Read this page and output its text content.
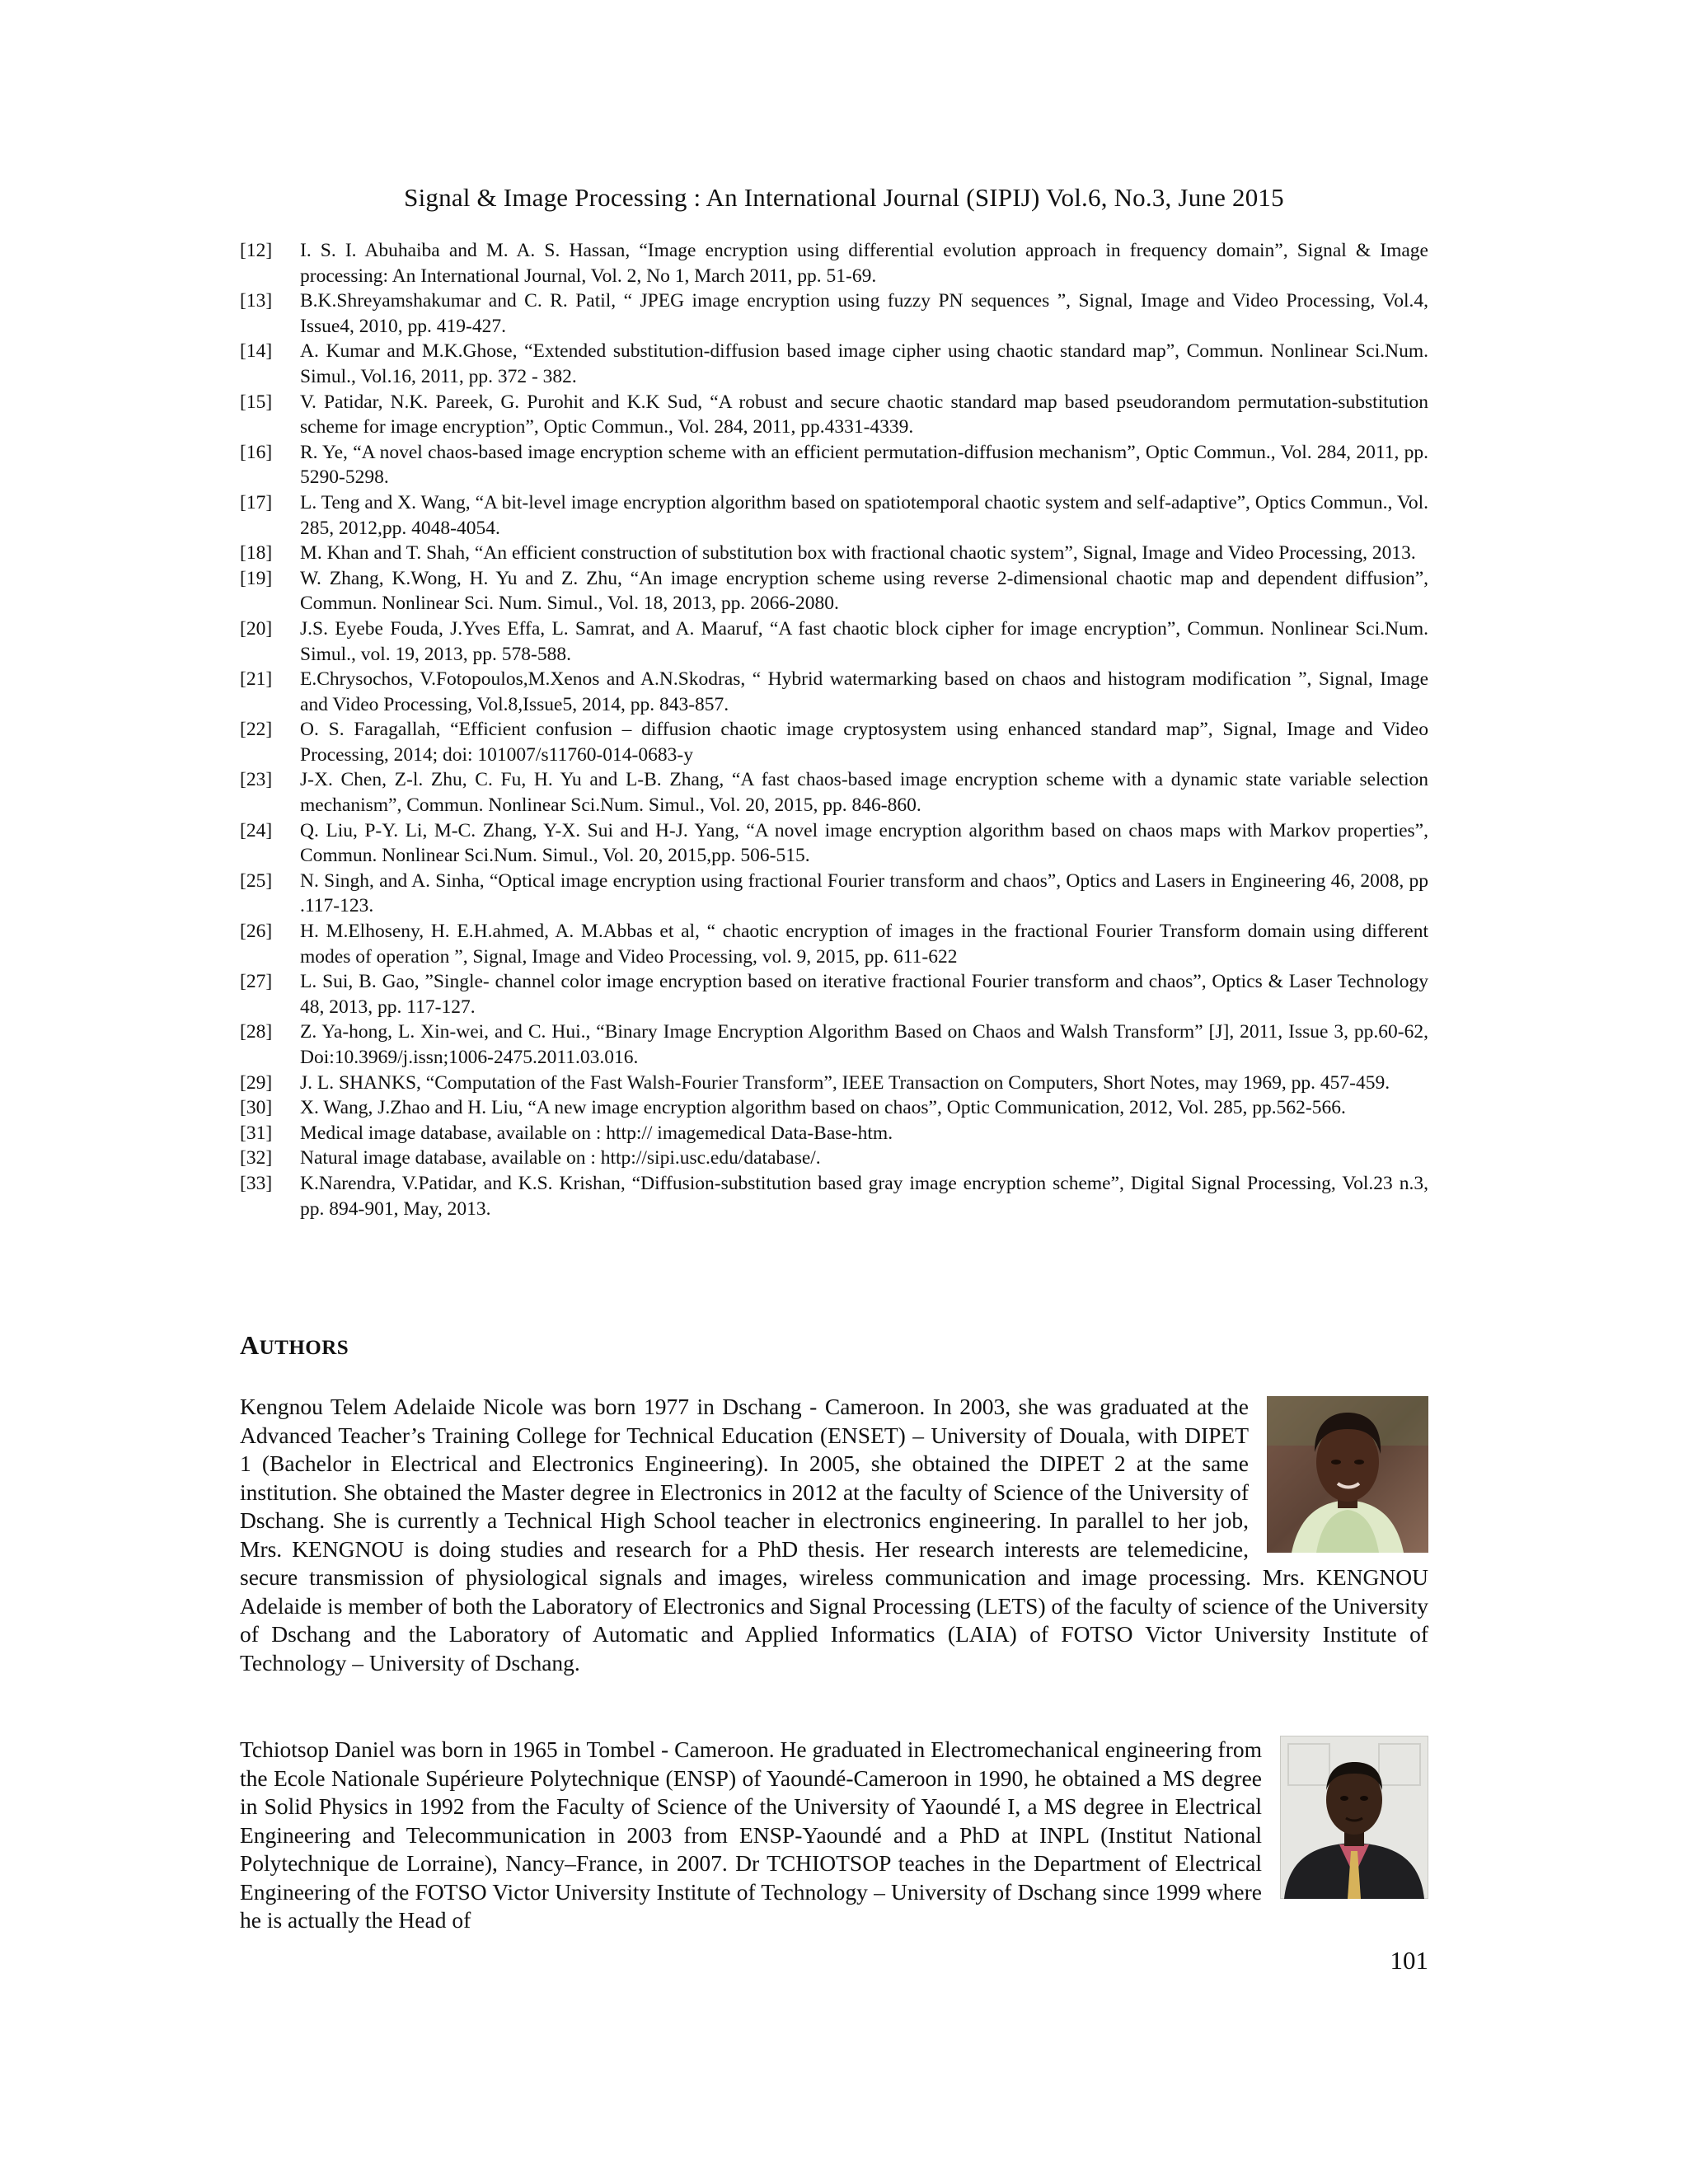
Signal & Image Processing : An International Journal (SIPIJ) Vol.6, No.3, June 2015
[12]	I. S. I. Abuhaiba and M. A. S. Hassan, “Image encryption using differential evolution approach in frequency domain”, Signal & Image processing: An International Journal, Vol. 2, No 1, March 2011, pp. 51-69.
[13]	B.K.Shreyamshakumar and C. R. Patil, “ JPEG image encryption using fuzzy PN sequences ”, Signal, Image and Video Processing, Vol.4, Issue4, 2010, pp. 419-427.
[14]	A. Kumar and M.K.Ghose, “Extended substitution-diffusion based image cipher using chaotic standard map”, Commun. Nonlinear Sci.Num. Simul., Vol.16, 2011, pp. 372 - 382.
[15]	V. Patidar, N.K. Pareek, G. Purohit and K.K Sud, “A robust and secure chaotic standard map based pseudorandom permutation-substitution scheme for image encryption”, Optic Commun., Vol. 284, 2011, pp.4331-4339.
[16]	R. Ye, “A novel chaos-based image encryption scheme with an efficient permutation-diffusion mechanism”, Optic Commun., Vol. 284, 2011, pp. 5290-5298.
[17]	L. Teng and X. Wang, “A bit-level image encryption algorithm based on spatiotemporal chaotic system and self-adaptive”, Optics Commun., Vol. 285, 2012,pp. 4048-4054.
[18]	M. Khan and T. Shah, “An efficient construction of substitution box with fractional chaotic system”, Signal, Image and Video Processing, 2013.
[19]	W. Zhang, K.Wong, H. Yu and Z. Zhu, “An image encryption scheme using reverse 2-dimensional chaotic map and dependent diffusion”, Commun. Nonlinear Sci. Num. Simul., Vol. 18, 2013, pp. 2066-2080.
[20]	J.S. Eyebe Fouda, J.Yves Effa, L. Samrat, and A. Maaruf, “A fast chaotic block cipher for image encryption”, Commun. Nonlinear Sci.Num. Simul., vol. 19, 2013, pp. 578-588.
[21]	E.Chrysochos, V.Fotopoulos,M.Xenos and A.N.Skodras, “ Hybrid watermarking based on chaos and histogram modification ”, Signal, Image and Video Processing, Vol.8,Issue5, 2014, pp. 843-857.
[22]	O. S. Faragallah, “Efficient confusion – diffusion chaotic image cryptosystem using enhanced standard map”, Signal, Image and Video Processing, 2014; doi: 101007/s11760-014-0683-y
[23]	J-X. Chen, Z-l. Zhu, C. Fu, H. Yu and L-B. Zhang, “A fast chaos-based image encryption scheme with a dynamic state variable selection mechanism”, Commun. Nonlinear Sci.Num. Simul., Vol. 20, 2015, pp. 846-860.
[24]	Q. Liu, P-Y. Li, M-C. Zhang, Y-X. Sui and H-J. Yang, “A novel image encryption algorithm based on chaos maps with Markov properties”, Commun. Nonlinear Sci.Num. Simul., Vol. 20, 2015,pp. 506-515.
[25]	N. Singh, and A. Sinha, “Optical image encryption using fractional Fourier transform and chaos”, Optics and Lasers in Engineering 46, 2008, pp .117-123.
[26]	H. M.Elhoseny, H. E.H.ahmed, A. M.Abbas et al, “ chaotic encryption of images in the fractional Fourier Transform domain using different modes of operation ”, Signal, Image and Video Processing, vol. 9, 2015, pp. 611-622
[27]	L. Sui, B. Gao, ”Single- channel color image encryption based on iterative fractional Fourier transform and chaos”, Optics & Laser Technology 48, 2013, pp. 117-127.
[28]	Z. Ya-hong, L. Xin-wei, and C. Hui., “Binary Image Encryption Algorithm Based on Chaos and Walsh Transform” [J], 2011, Issue 3, pp.60-62, Doi:10.3969/j.issn;1006-2475.2011.03.016.
[29]	J. L. SHANKS, “Computation of the Fast Walsh-Fourier Transform”, IEEE Transaction on Computers, Short Notes, may 1969, pp. 457-459.
[30]	X. Wang, J.Zhao and H. Liu, “A new image encryption algorithm based on chaos”, Optic Communication, 2012, Vol. 285, pp.562-566.
[31]	Medical image database, available on : http:// imagemedical Data-Base-htm.
[32]	Natural image database, available on : http://sipi.usc.edu/database/.
[33]	K.Narendra, V.Patidar, and K.S. Krishan, “Diffusion-substitution based gray image encryption scheme”, Digital Signal Processing, Vol.23 n.3, pp. 894-901, May, 2013.
AUTHORS
Kengnou Telem Adelaide Nicole was born 1977 in Dschang - Cameroon. In 2003, she was graduated at the Advanced Teacher’s Training College for Technical Education (ENSET) – University of Douala, with DIPET 1 (Bachelor in Electrical and Electronics Engineering). In 2005, she obtained the DIPET 2 at the same institution. She obtained the Master degree in Electronics in 2012 at the faculty of Science of the University of Dschang. She is currently a Technical High School teacher in electronics engineering. In parallel to her job, Mrs. KENGNOU is doing studies and research for a PhD thesis. Her research interests are telemedicine, secure transmission of physiological signals and images, wireless communication and image processing. Mrs. KENGNOU Adelaide is member of both the Laboratory of Electronics and Signal Processing (LETS) of the faculty of science of the University of Dschang and the Laboratory of Automatic and Applied Informatics (LAIA) of FOTSO Victor University Institute of Technology – University of Dschang.
Tchiotsop Daniel was born in 1965 in Tombel - Cameroon. He graduated in Electromechanical engineering from the Ecole Nationale Supérieure Polytechnique (ENSP) of Yaoundé-Cameroon in 1990, he obtained a MS degree in Solid Physics in 1992 from the Faculty of Science of the University of Yaoundé I, a MS degree in Electrical Engineering and Telecommunication in 2003 from ENSP-Yaoundé and a PhD at INPL (Institut National Polytechnique de Lorraine), Nancy–France, in 2007. Dr TCHIOTSOP teaches in the Department of Electrical Engineering of the FOTSO Victor University Institute of Technology – University of Dschang since 1999 where he is actually the Head of
101
